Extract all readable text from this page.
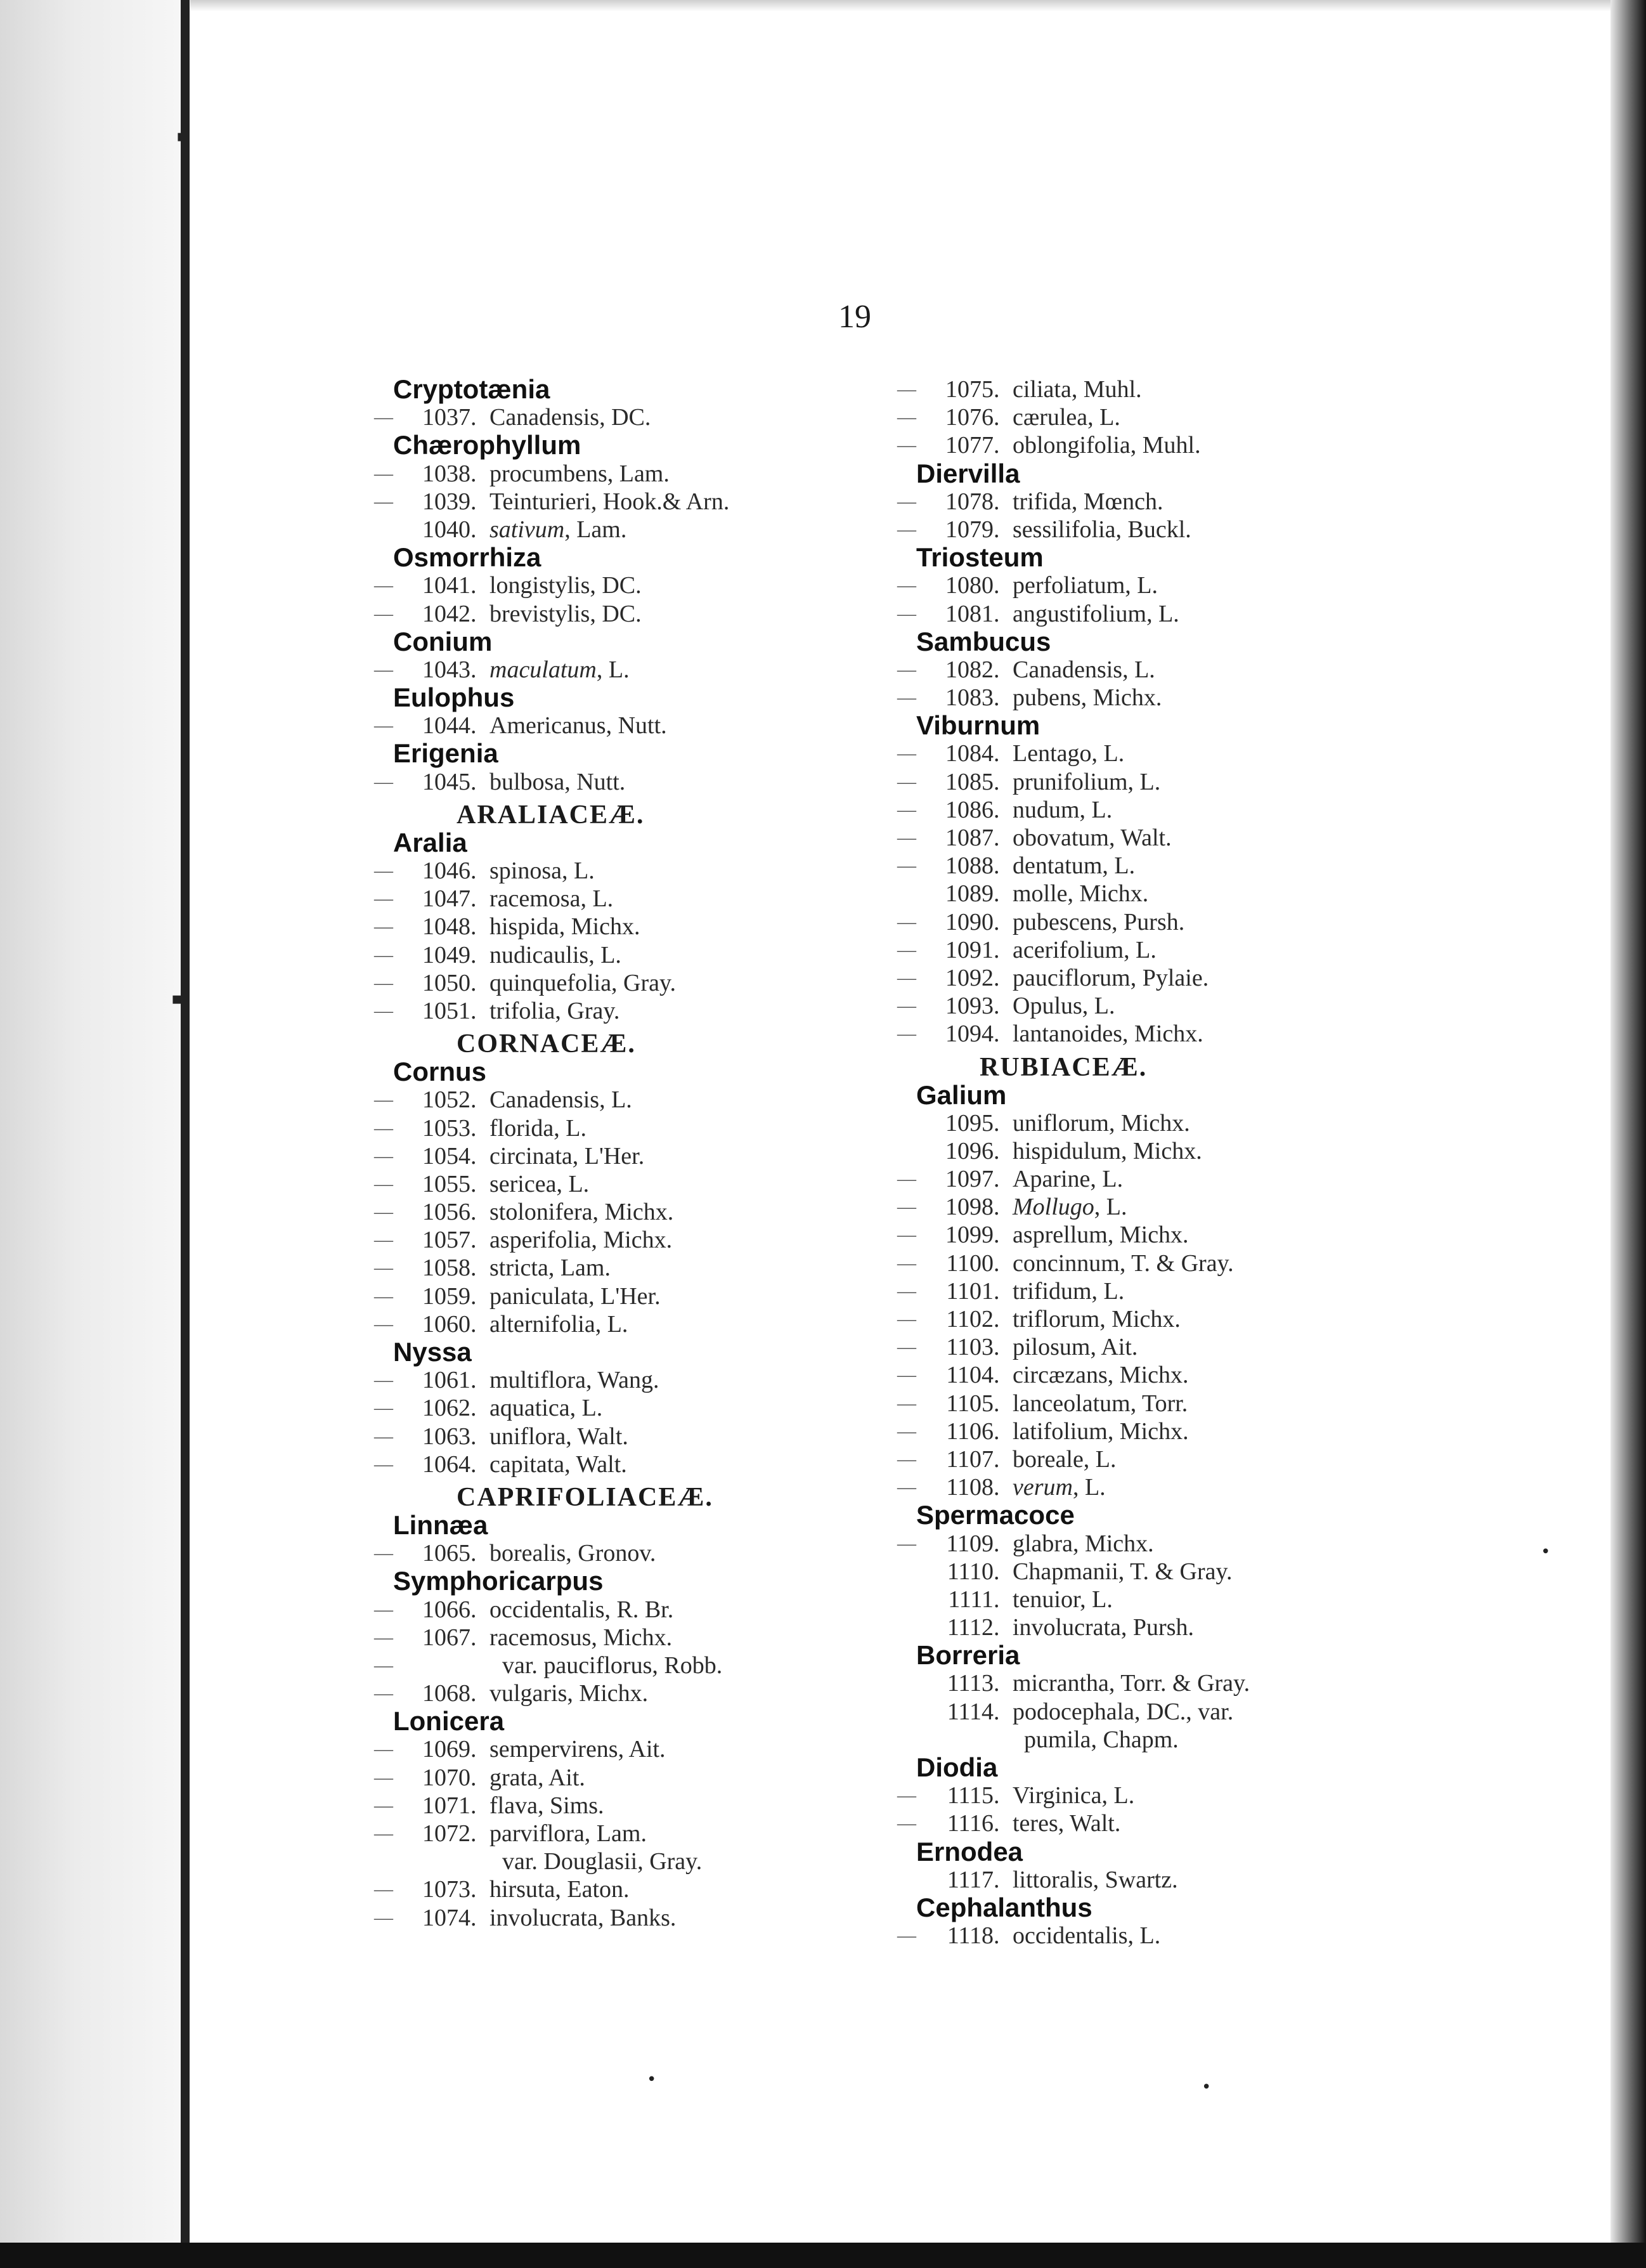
19
Cryptotænia
—	1037 . Canadensis, DC.
Chærophyllum
—	1038 . procumbens, Lam.
—	1039 . Teinturieri, Hook.& Arn.
1040 . sativum, Lam.
Osmorrhiza
—	1041 . longistylis, DC.
—	1042 . brevistylis, DC.
Conium
—	1043 . maculatum, L.
Eulophus
—	1044 . Americanus, Nutt.
Erigenia
—	1045 . bulbosa, Nutt.
ARALIACEÆ.
Aralia
—	1046 . spinosa, L.
—	1047 . racemosa, L.
—	1048 . hispida, Michx.
—	1049 . nudicaulis, L.
—	1050 . quinquefolia, Gray.
—	1051 . trifolia, Gray.
CORNACEÆ.
Cornus
—	1052 . Canadensis, L.
—	1053 . florida, L.
—	1054 . circinata, L'Her.
—	1055 . sericea, L.
—	1056 . stolonifera, Michx.
—	1057 . asperifolia, Michx.
—	1058 . stricta, Lam.
—	1059 . paniculata, L'Her.
—	1060 . alternifolia, L.
Nyssa
—	1061 . multiflora, Wang.
—	1062 . aquatica, L.
—	1063 . uniflora, Walt.
—	1064 . capitata, Walt.
CAPRIFOLIACEÆ.
Linnæa
—	1065 . borealis, Gronov.
Symphoricarpus
—	1066 . occidentalis, R. Br.
—	1067 . racemosus, Michx.
—	var. pauciflorus, Robb.
—	1068 . vulgaris, Michx.
Lonicera
—	1069 . sempervirens, Ait.
—	1070 . grata, Ait.
—	1071 . flava, Sims.
—	1072 . parviflora, Lam.
var. Douglasii, Gray.
—	1073 . hirsuta, Eaton.
—	1074 . involucrata, Banks.
—	1075 . ciliata, Muhl.
—	1076 . cærulea, L.
—	1077 . oblongifolia, Muhl.
Diervilla
—	1078 . trifida, Mœnch.
—	1079 . sessilifolia, Buckl.
Triosteum
—	1080 . perfoliatum, L.
—	1081 . angustifolium, L.
Sambucus
—	1082 . Canadensis, L.
—	1083 . pubens, Michx.
Viburnum
—	1084 . Lentago, L.
—	1085 . prunifolium, L.
—	1086 . nudum, L.
—	1087 . obovatum, Walt.
—	1088 . dentatum, L.
1089 . molle, Michx.
—	1090 . pubescens, Pursh.
—	1091 . acerifolium, L.
—	1092 . pauciflorum, Pylaie.
—	1093 . Opulus, L.
—	1094 . lantanoides, Michx.
RUBIACEÆ.
Galium
1095 . uniflorum, Michx.
1096 . hispidulum, Michx.
—	1097 . Aparine, L.
—	1098 . Mollugo, L.
—	1099 . asprellum, Michx.
—	1100 . concinnum, T. & Gray.
—	1101 . trifidum, L.
—	1102 . triflorum, Michx.
—	1103 . pilosum, Ait.
—	1104 . circæzans, Michx.
—	1105 . lanceolatum, Torr.
—	1106 . latifolium, Michx.
—	1107 . boreale, L.
—	1108 . verum, L.
Spermacoce
—	1109 . glabra, Michx.
1110 . Chapmanii, T. & Gray.
1111 . tenuior, L.
1112 . involucrata, Pursh.
Borreria
1113 . micrantha, Torr. & Gray.
1114 . podocephala, DC., var.
pumila, Chapm.
Diodia
—	1115 . Virginica, L.
—	1116 . teres, Walt.
Ernodea
1117 . littoralis, Swartz.
Cephalanthus
—	1118 . occidentalis, L.
▪
▪
•
•	•
